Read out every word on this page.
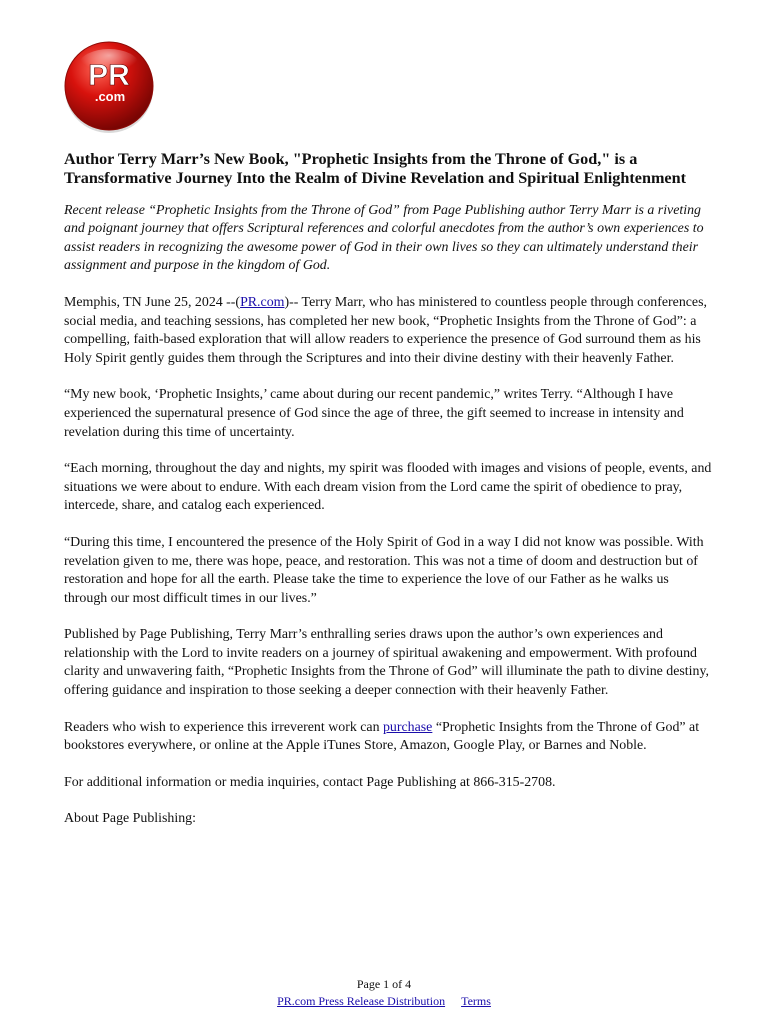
PR
.com
Author Terry Marr’s New Book, "Prophetic Insights from the Throne of God," is a Transformative Journey Into the Realm of Divine Revelation and Spiritual Enlightenment

Recent release “Prophetic Insights from the Throne of God” from Page Publishing author Terry Marr is a riveting and poignant journey that offers Scriptural references and colorful anecdotes from the author’s own experiences to assist readers in recognizing the awesome power of God in their own lives so they can ultimately understand their assignment and purpose in the kingdom of God.

Memphis, TN June 25, 2024 --(PR.com)-- Terry Marr, who has ministered to countless people through conferences, social media, and teaching sessions, has completed her new book, “Prophetic Insights from the Throne of God”: a compelling, faith-based exploration that will allow readers to experience the presence of God surround them as his Holy Spirit gently guides them through the Scriptures and into their divine destiny with their heavenly Father.

“My new book, ‘Prophetic Insights,’ came about during our recent pandemic,” writes Terry. “Although I have experienced the supernatural presence of God since the age of three, the gift seemed to increase in intensity and revelation during this time of uncertainty.

“Each morning, throughout the day and nights, my spirit was flooded with images and visions of people, events, and situations we were about to endure. With each dream vision from the Lord came the spirit of obedience to pray, intercede, share, and catalog each experienced.

“During this time, I encountered the presence of the Holy Spirit of God in a way I did not know was possible. With revelation given to me, there was hope, peace, and restoration. This was not a time of doom and destruction but of restoration and hope for all the earth. Please take the time to experience the love of our Father as he walks us through our most difficult times in our lives.”

Published by Page Publishing, Terry Marr’s enthralling series draws upon the author’s own experiences and relationship with the Lord to invite readers on a journey of spiritual awakening and empowerment. With profound clarity and unwavering faith, “Prophetic Insights from the Throne of God” will illuminate the path to divine destiny, offering guidance and inspiration to those seeking a deeper connection with their heavenly Father.

Readers who wish to experience this irreverent work can purchase “Prophetic Insights from the Throne of God” at bookstores everywhere, or online at the Apple iTunes Store, Amazon, Google Play, or Barnes and Noble.

For additional information or media inquiries, contact Page Publishing at 866-315-2708.

About Page Publishing:

Page 1 of 4
PR.com Press Release Distribution Terms
